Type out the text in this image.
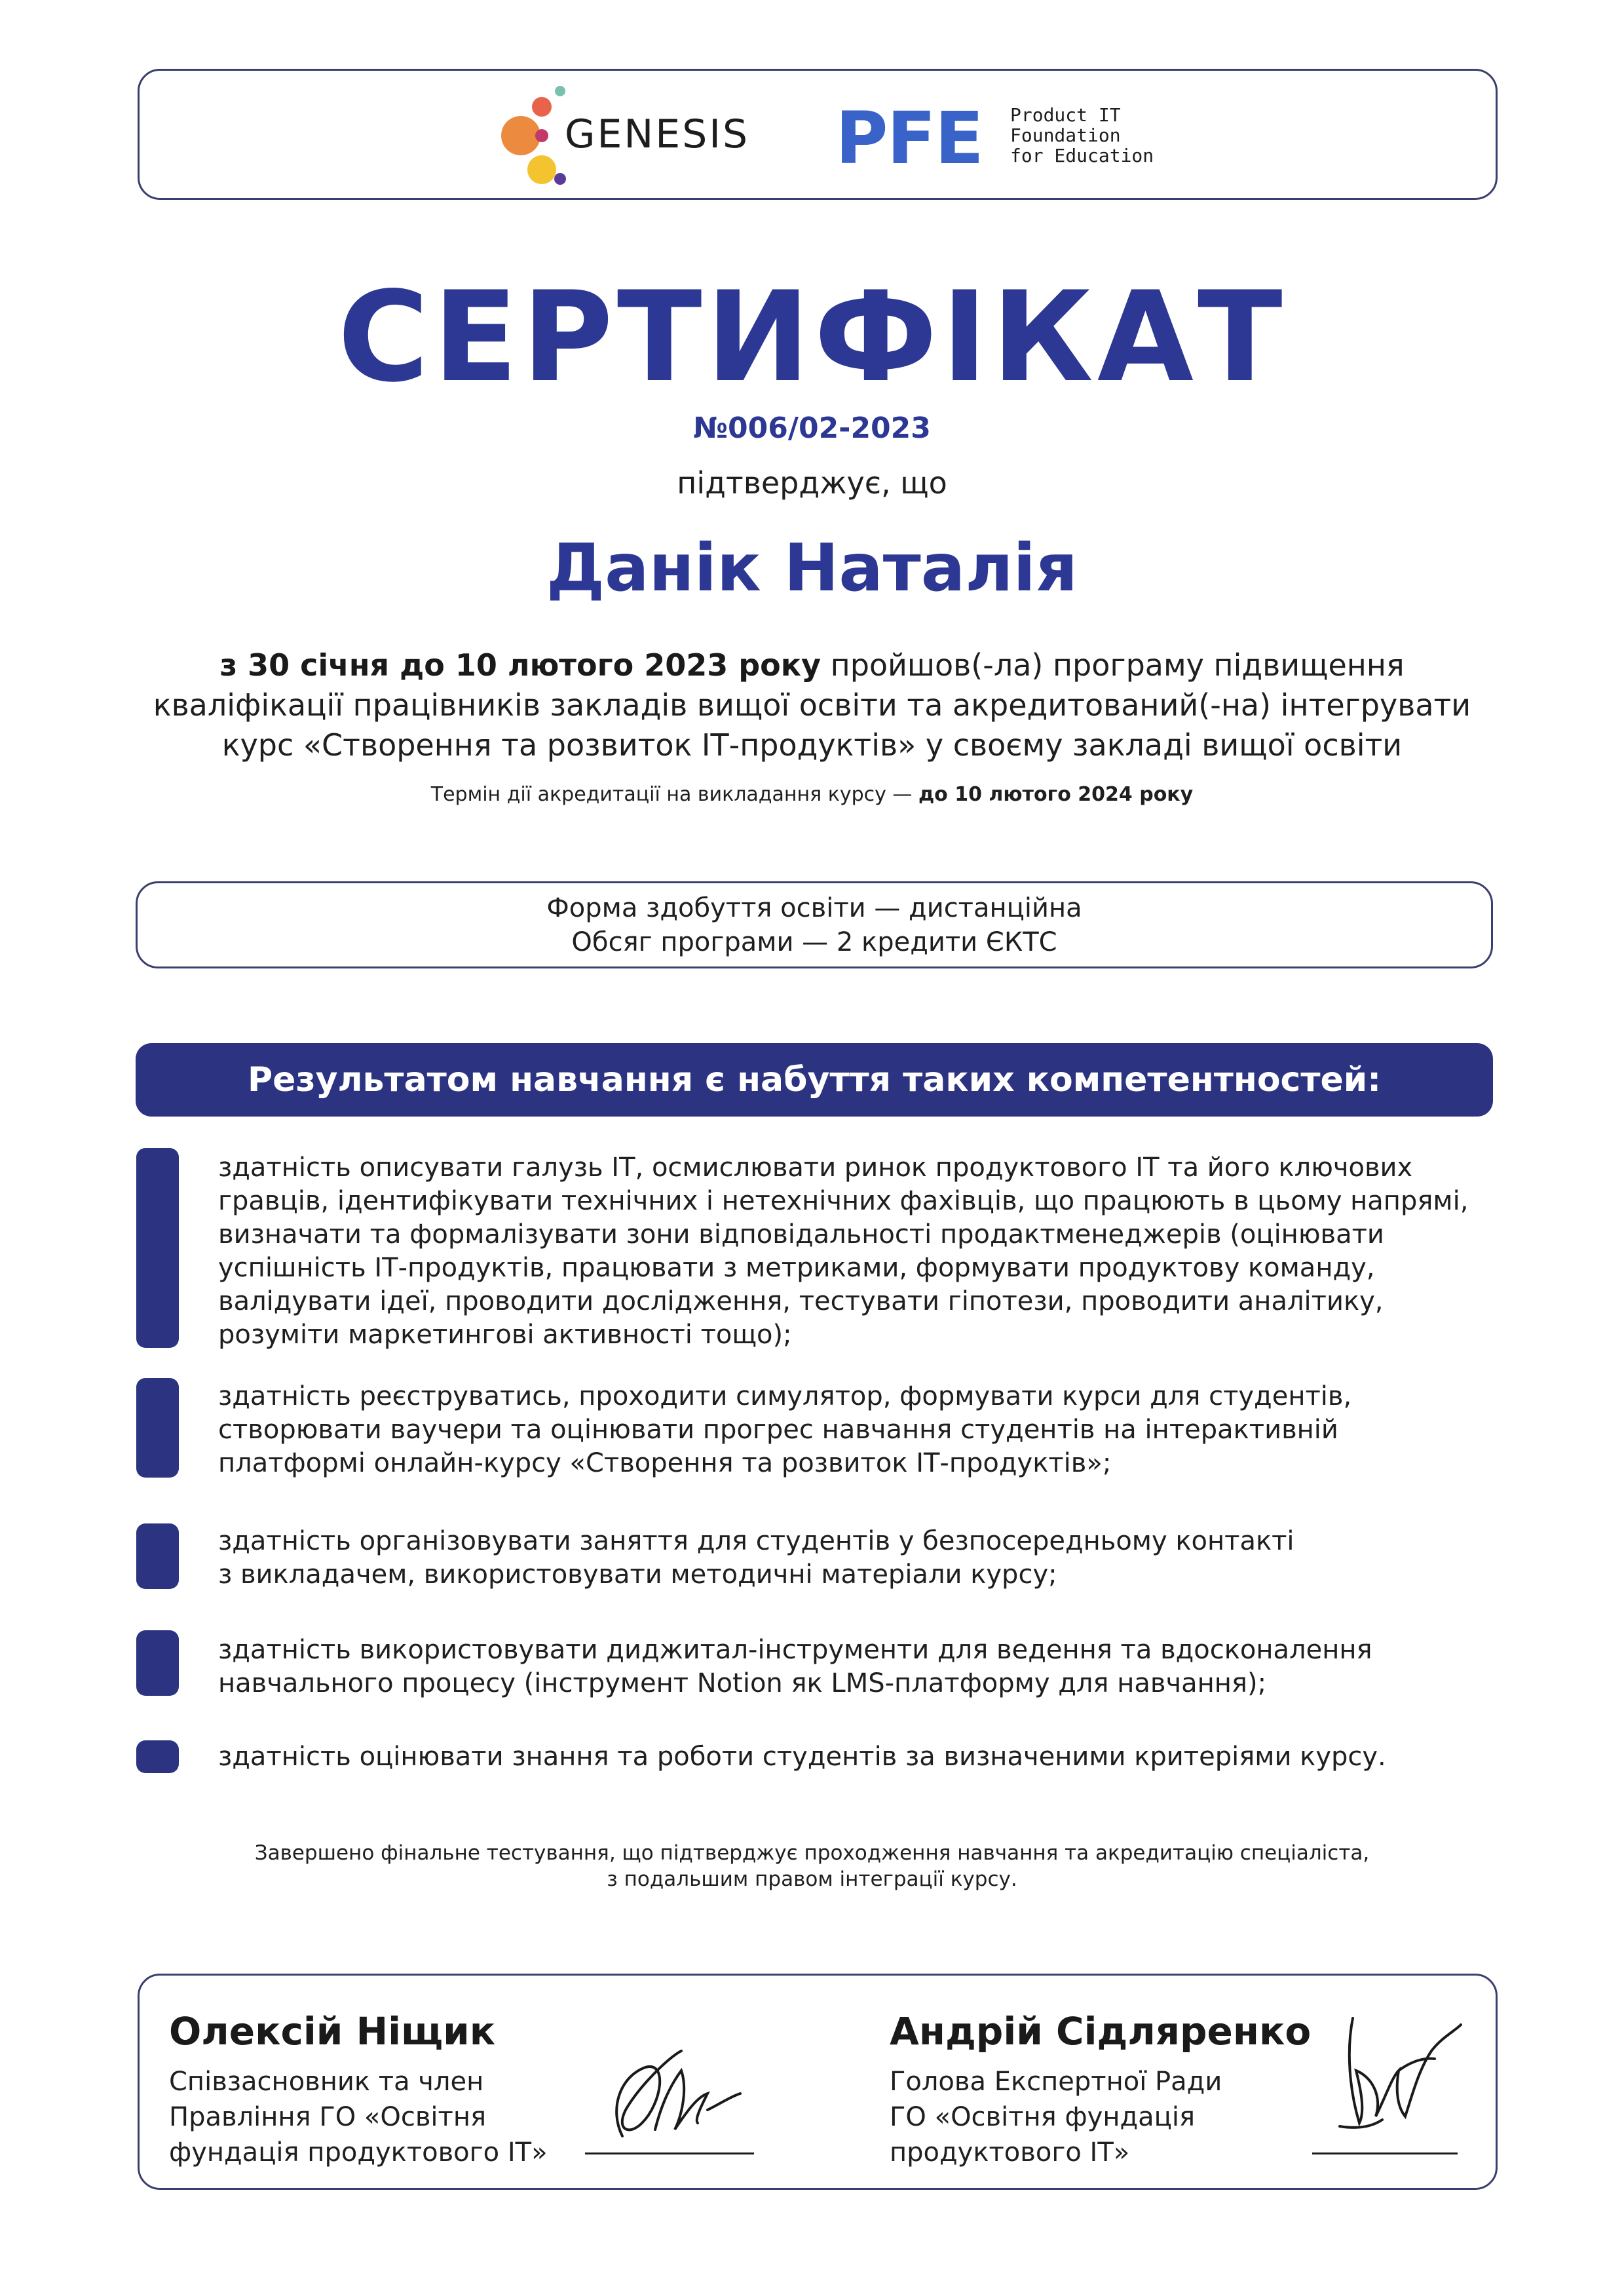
GENESIS PFE Product IT
Foundation
for Education
СЕРТИФІКАТ
№006/02-2023
підтверджує, що
Данік Наталія
з 30 січня до 10 лютого 2023 року пройшов(-ла) програму підвищення
кваліфікації працівників закладів вищої освіти та акредитований(-на) інтегрувати
курс «Створення та розвиток ІТ-продуктів» у своєму закладі вищої освіти
Термін дії акредитації на викладання курсу — до 10 лютого 2024 року
Форма здобуття освіти — дистанційна
Обсяг програми — 2 кредити ЄКТС
Результатом навчання є набуття таких компетентностей:
здатність описувати галузь ІТ, осмислювати ринок продуктового ІТ та його ключових
гравців, ідентифікувати технічних і нетехнічних фахівців, що працюють в цьому напрямі,
визначати та формалізувати зони відповідальності продактменеджерів (оцінювати
успішність ІТ-продуктів, працювати з метриками, формувати продуктову команду,
валідувати ідеї, проводити дослідження, тестувати гіпотези, проводити аналітику,
розуміти маркетингові активності тощо);
здатність реєструватись, проходити симулятор, формувати курси для студентів,
створювати ваучери та оцінювати прогрес навчання студентів на інтерактивній
платформі онлайн-курсу «Створення та розвиток ІТ-продуктів»;
здатність організовувати заняття для студентів у безпосередньому контакті
з викладачем, використовувати методичні матеріали курсу;
здатність використовувати диджитал-інструменти для ведення та вдосконалення
навчального процесу (інструмент Notion як LMS-платформу для навчання);
здатність оцінювати знання та роботи студентів за визначеними критеріями курсу.
Завершено фінальне тестування, що підтверджує проходження навчання та акредитацію спеціаліста,
з подальшим правом інтеграції курсу.
Олексій Ніщик
Співзасновник та член
Правління ГО «Освітня
фундація продуктового ІТ»
Андрій Сідляренко
Голова Експертної Ради
ГО «Освітня фундація
продуктового ІТ»
